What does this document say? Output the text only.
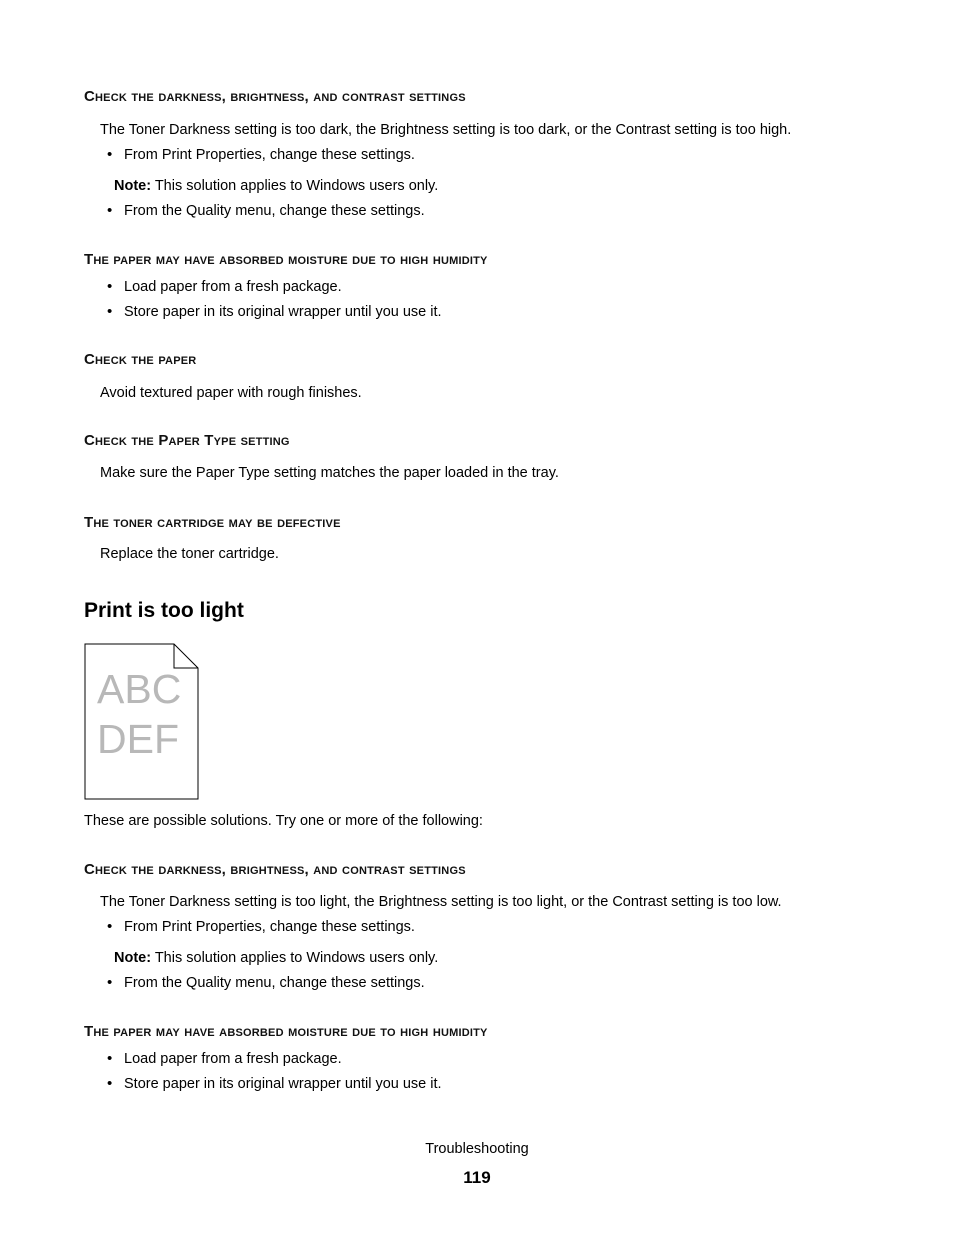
Check the darkness, brightness, and contrast settings
The Toner Darkness setting is too dark, the Brightness setting is too dark, or the Contrast setting is too high.
• From Print Properties, change these settings.
Note: This solution applies to Windows users only.
• From the Quality menu, change these settings.
The paper may have absorbed moisture due to high humidity
• Load paper from a fresh package.
• Store paper in its original wrapper until you use it.
Check the paper
Avoid textured paper with rough finishes.
Check the Paper Type setting
Make sure the Paper Type setting matches the paper loaded in the tray.
The toner cartridge may be defective
Replace the toner cartridge.
Print is too light
ABC
DEF
These are possible solutions. Try one or more of the following:
Check the darkness, brightness, and contrast settings
The Toner Darkness setting is too light, the Brightness setting is too light, or the Contrast setting is too low.
• From Print Properties, change these settings.
Note: This solution applies to Windows users only.
• From the Quality menu, change these settings.
The paper may have absorbed moisture due to high humidity
• Load paper from a fresh package.
• Store paper in its original wrapper until you use it.
Troubleshooting
119
